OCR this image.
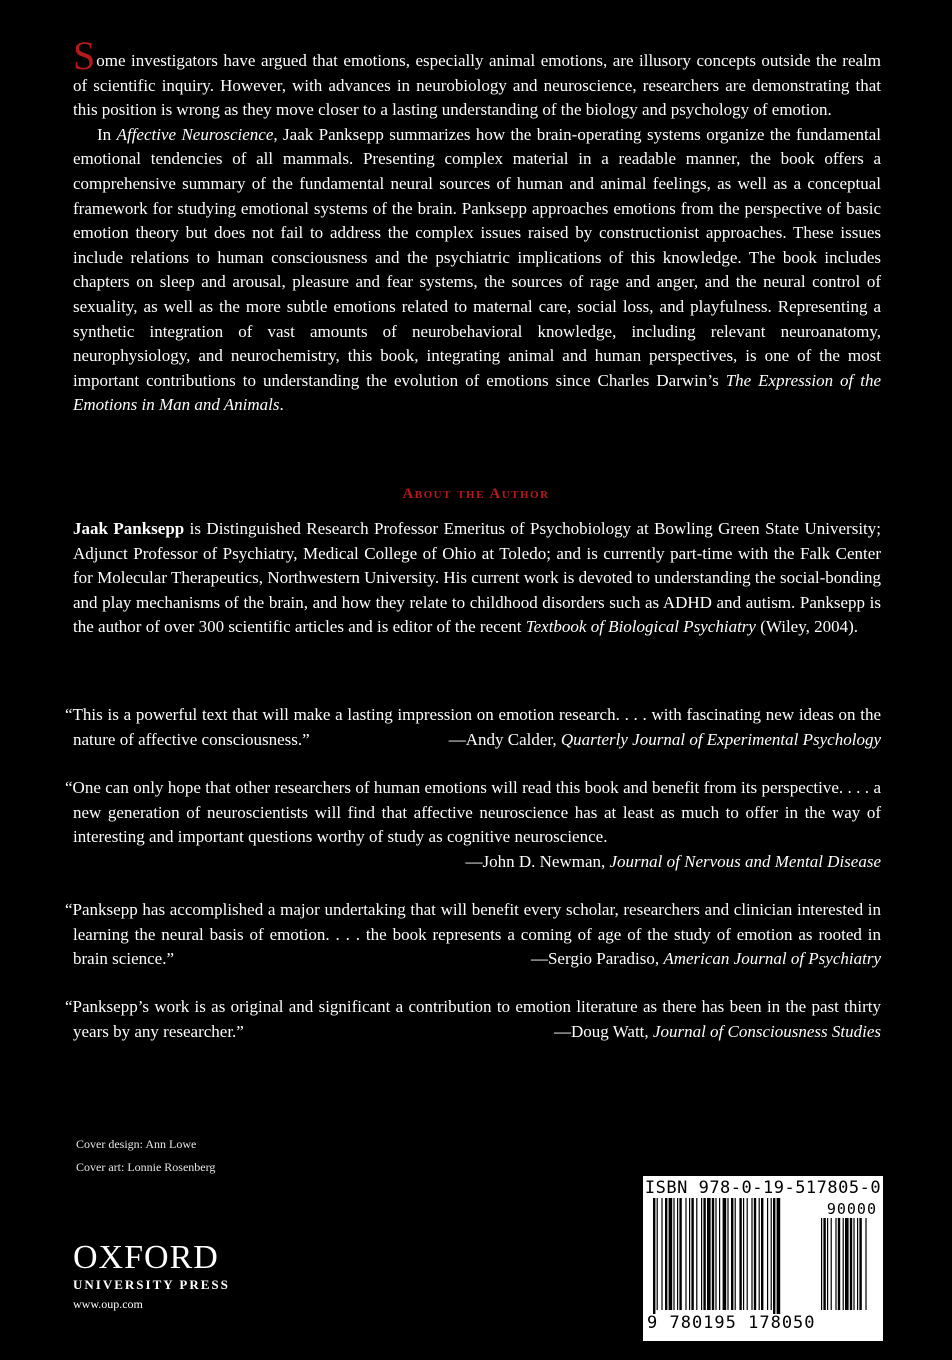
Some investigators have argued that emotions, especially animal emotions, are illusory concepts outside the realm of scientific inquiry. However, with advances in neurobiology and neuroscience, researchers are demonstrating that this position is wrong as they move closer to a lasting understanding of the biology and psychology of emotion.

In Affective Neuroscience, Jaak Panksepp summarizes how the brain-operating systems organize the fundamental emotional tendencies of all mammals. Presenting complex material in a readable manner, the book offers a comprehensive summary of the fundamental neural sources of human and animal feelings, as well as a conceptual framework for studying emotional systems of the brain. Panksepp approaches emotions from the perspective of basic emotion theory but does not fail to address the complex issues raised by constructionist approaches. These issues include relations to human consciousness and the psychiatric implications of this knowledge. The book includes chapters on sleep and arousal, pleasure and fear systems, the sources of rage and anger, and the neural control of sexuality, as well as the more subtle emotions related to maternal care, social loss, and playfulness. Representing a synthetic integration of vast amounts of neurobehavioral knowledge, including relevant neuroanatomy, neurophysiology, and neurochemistry, this book, integrating animal and human perspectives, is one of the most important contributions to understanding the evolution of emotions since Charles Darwin’s The Expression of the Emotions in Man and Animals.

About the Author

Jaak Panksepp is Distinguished Research Professor Emeritus of Psychobiology at Bowling Green State University; Adjunct Professor of Psychiatry, Medical College of Ohio at Toledo; and is currently part-time with the Falk Center for Molecular Therapeutics, Northwestern University. His current work is devoted to understanding the social-bonding and play mechanisms of the brain, and how they relate to childhood disorders such as ADHD and autism. Panksepp is the author of over 300 scientific articles and is editor of the recent Textbook of Biological Psychiatry (Wiley, 2004).

“This is a powerful text that will make a lasting impression on emotion research. . . . with fascinating new ideas on the nature of affective consciousness.”	—Andy Calder, Quarterly Journal of Experimental Psychology
“One can only hope that other researchers of human emotions will read this book and benefit from its perspective. . . . a new generation of neuroscientists will find that affective neuroscience has at least as much to offer in the way of interesting and important questions worthy of study as cognitive neuroscience.
—John D. Newman, Journal of Nervous and Mental Disease
“Panksepp has accomplished a major undertaking that will benefit every scholar, researchers and clinician interested in learning the neural basis of emotion. . . . the book represents a coming of age of the study of emotion as rooted in brain science.”	—Sergio Paradiso, American Journal of Psychiatry
“Panksepp’s work is as original and significant a contribution to emotion literature as there has been in the past thirty years by any researcher.”	—Doug Watt, Journal of Consciousness Studies
Cover design: Ann Lowe
Cover art: Lonnie Rosenberg
OXFORD
UNIVERSITY PRESS
www.oup.com
ISBN 978-0-19-517805-0
90000
9 780195 178050
